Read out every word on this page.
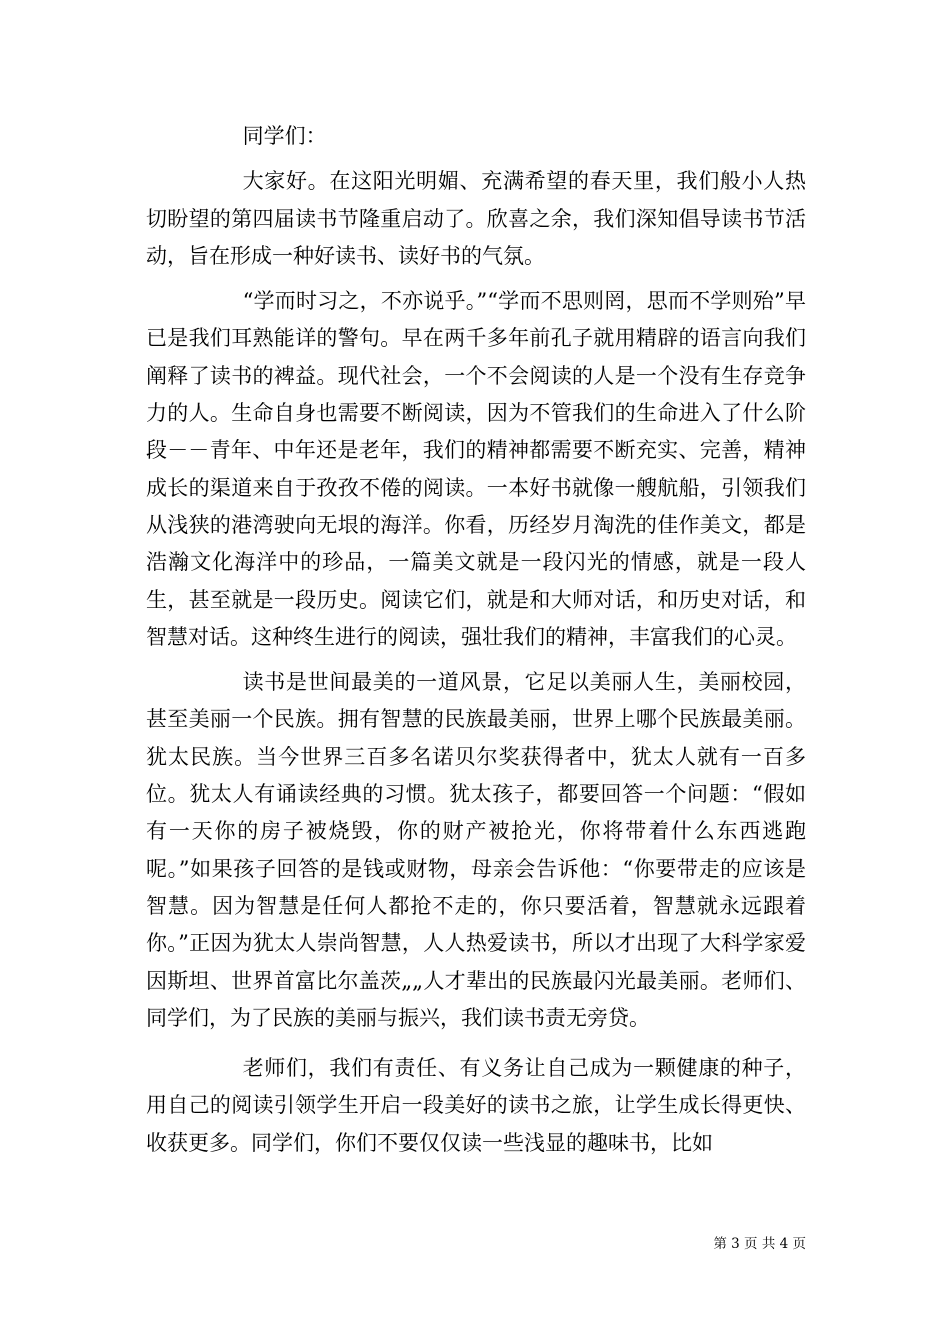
同学们：

大家好。在这阳光明媚、充满希望的春天里，我们般小人热切盼望的第四届读书节隆重启动了。欣喜之余，我们深知倡导读书节活动，旨在形成一种好读书、读好书的气氛。

“学而时习之，不亦说乎。”“学而不思则罔，思而不学则殆”早已是我们耳熟能详的警句。早在两千多年前孔子就用精辟的语言向我们阐释了读书的裨益。现代社会，一个不会阅读的人是一个没有生存竞争力的人。生命自身也需要不断阅读，因为不管我们的生命进入了什么阶段－－青年、中年还是老年，我们的精神都需要不断充实、完善，精神成长的渠道来自于孜孜不倦的阅读。一本好书就像一艘航船，引领我们从浅狭的港湾驶向无垠的海洋。你看，历经岁月淘洗的佳作美文，都是浩瀚文化海洋中的珍品，一篇美文就是一段闪光的情感，就是一段人生，甚至就是一段历史。阅读它们，就是和大师对话，和历史对话，和智慧对话。这种终生进行的阅读，强壮我们的精神，丰富我们的心灵。

读书是世间最美的一道风景，它足以美丽人生，美丽校园，甚至美丽一个民族。拥有智慧的民族最美丽，世界上哪个民族最美丽。犹太民族。当今世界三百多名诺贝尔奖获得者中，犹太人就有一百多位。犹太人有诵读经典的习惯。犹太孩子，都要回答一个问题：“假如有一天你的房子被烧毁，你的财产被抢光，你将带着什么东西逃跑呢。”如果孩子回答的是钱或财物，母亲会告诉他：“你要带走的应该是智慧。因为智慧是任何人都抢不走的，你只要活着，智慧就永远跟着你。”正因为犹太人崇尚智慧，人人热爱读书，所以才出现了大科学家爱因斯坦、世界首富比尔盖茨„„人才辈出的民族最闪光最美丽。老师们、同学们，为了民族的美丽与振兴，我们读书责无旁贷。

老师们，我们有责任、有义务让自己成为一颗健康的种子，用自己的阅读引领学生开启一段美好的读书之旅，让学生成长得更快、收获更多。同学们，你们不要仅仅读一些浅显的趣味书，比如

第 3 页 共 4 页
